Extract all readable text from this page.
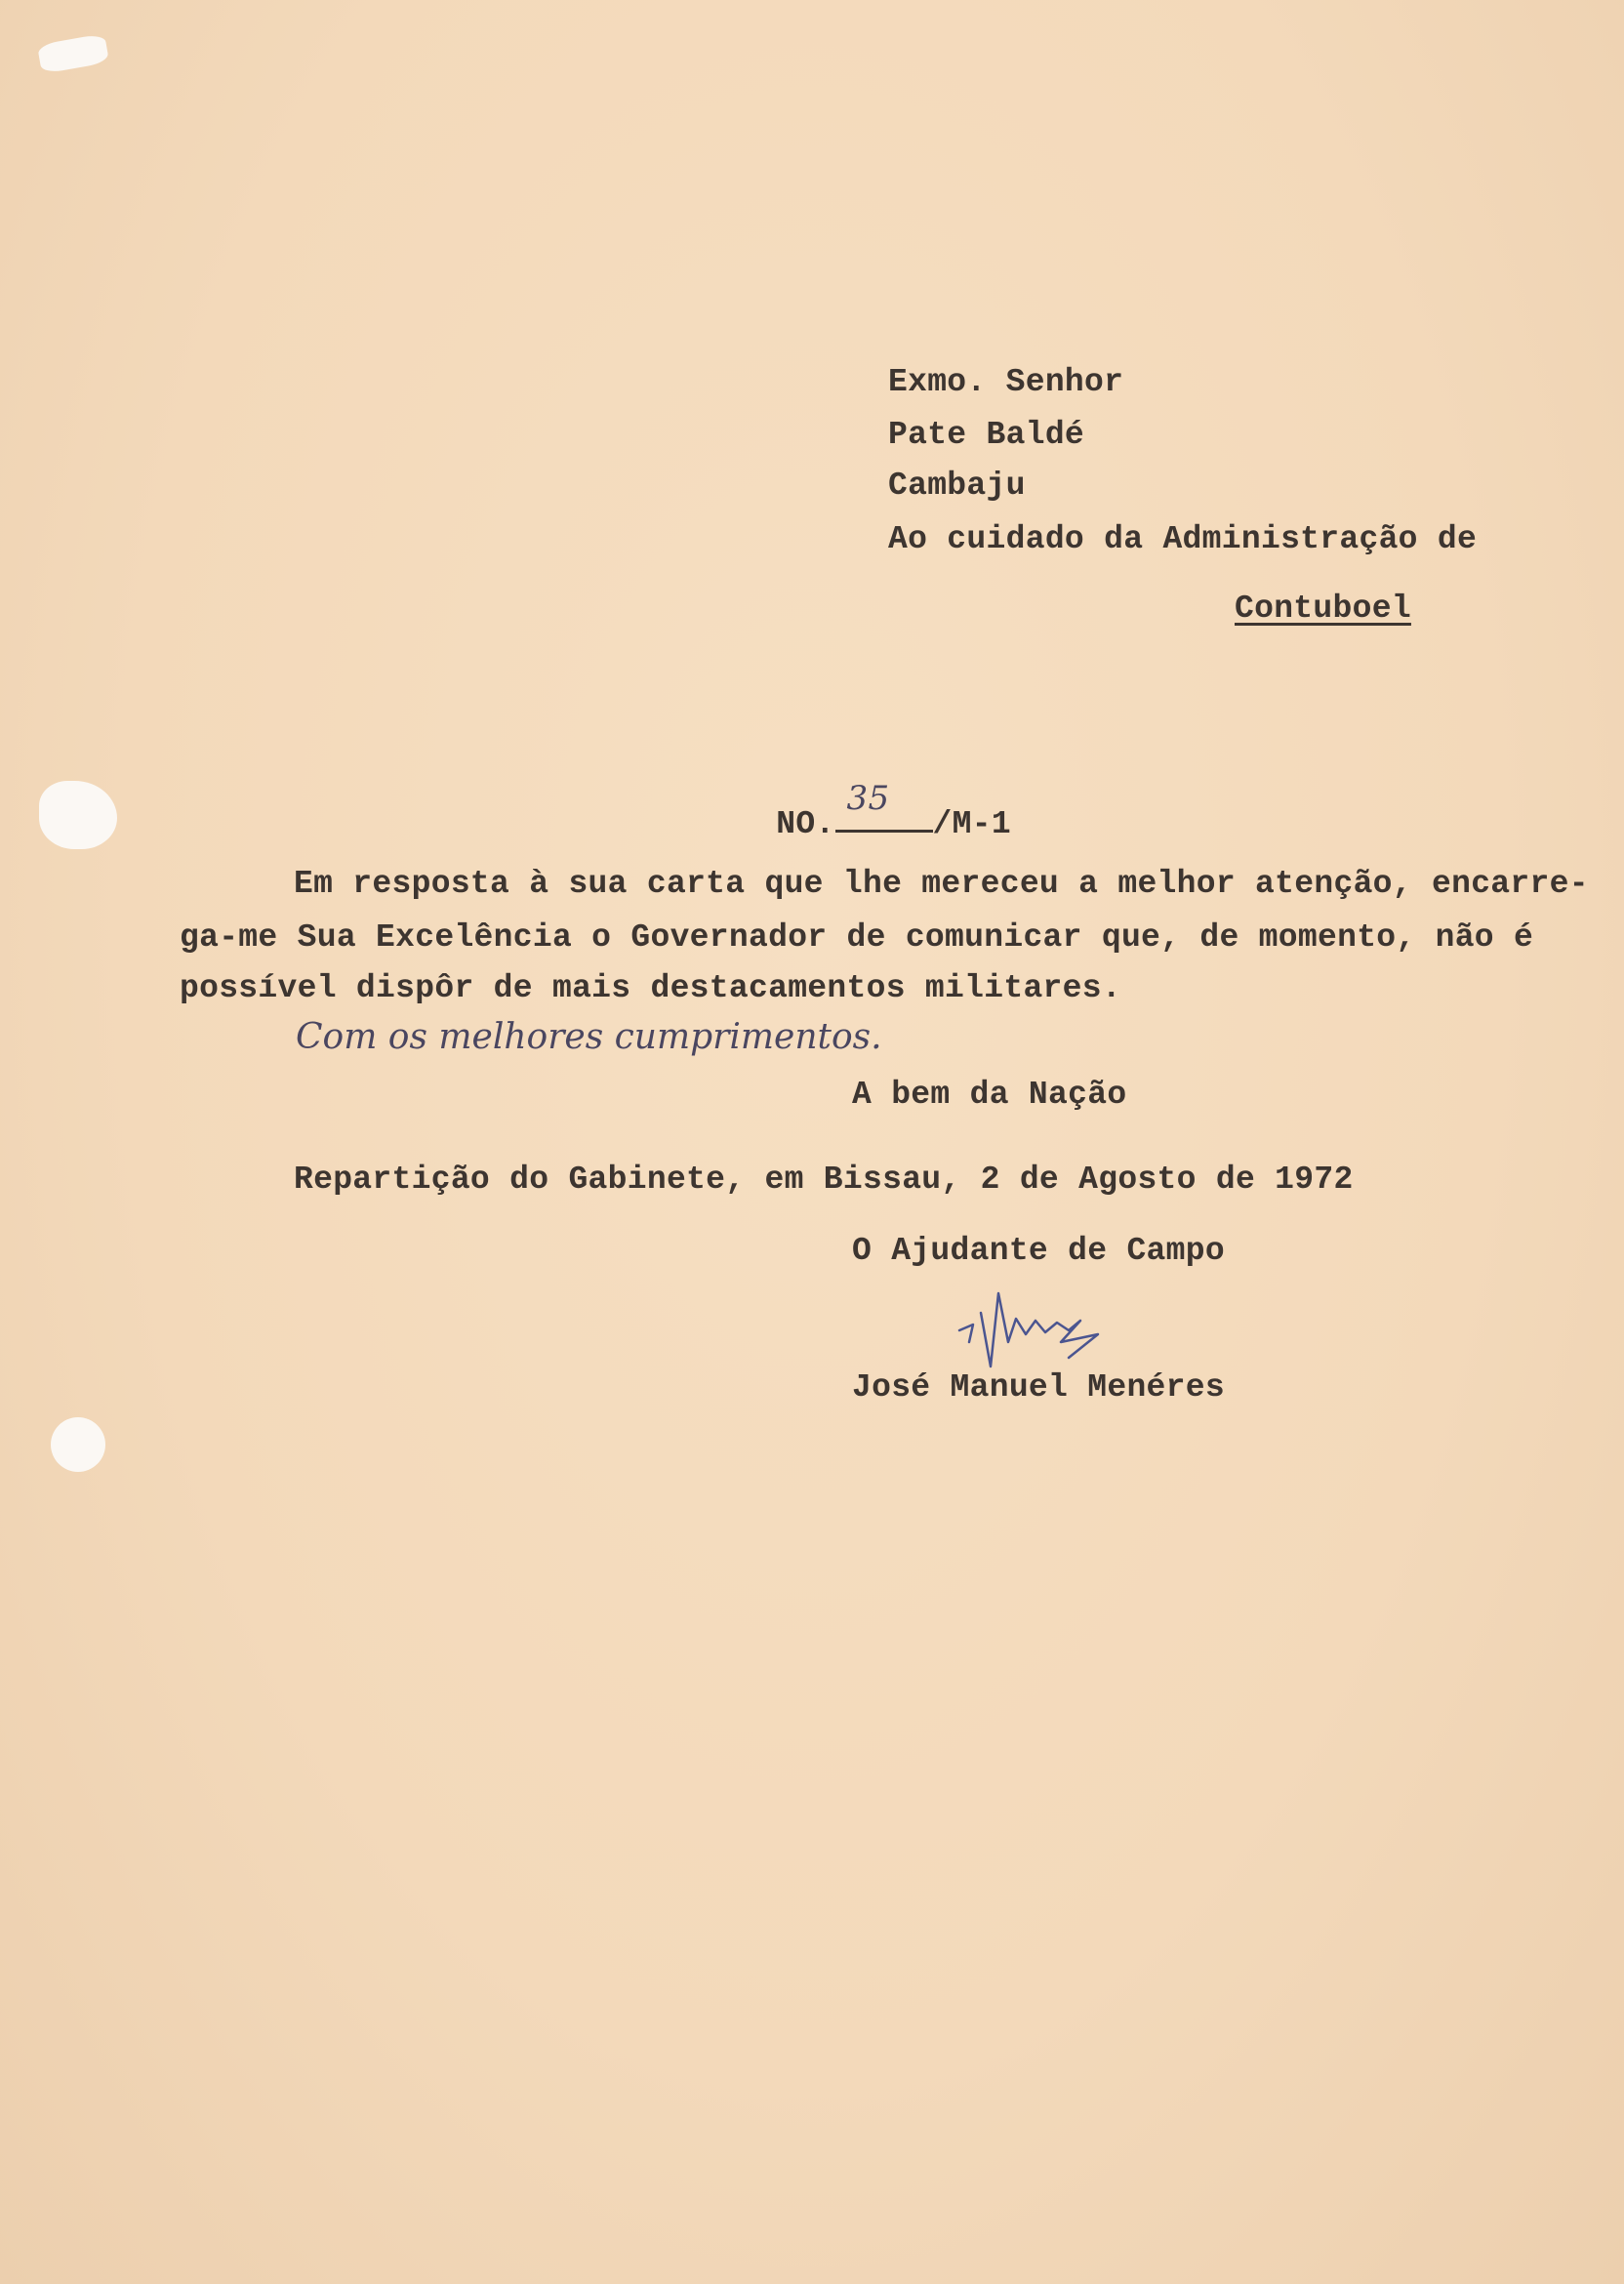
Exmo. Senhor
Pate Baldé
Cambaju
Ao cuidado da Administração de
Contuboel

NO.
35
/M-1

Em resposta à sua carta que lhe mereceu a melhor atenção, encarre-
ga-me Sua Excelência o Governador de comunicar que, de momento, não é
possível dispôr de mais destacamentos militares.
Com os melhores cumprimentos.
A bem da Nação
Repartição do Gabinete, em Bissau, 2 de Agosto de 1972
O Ajudante de Campo
José Manuel Menéres
